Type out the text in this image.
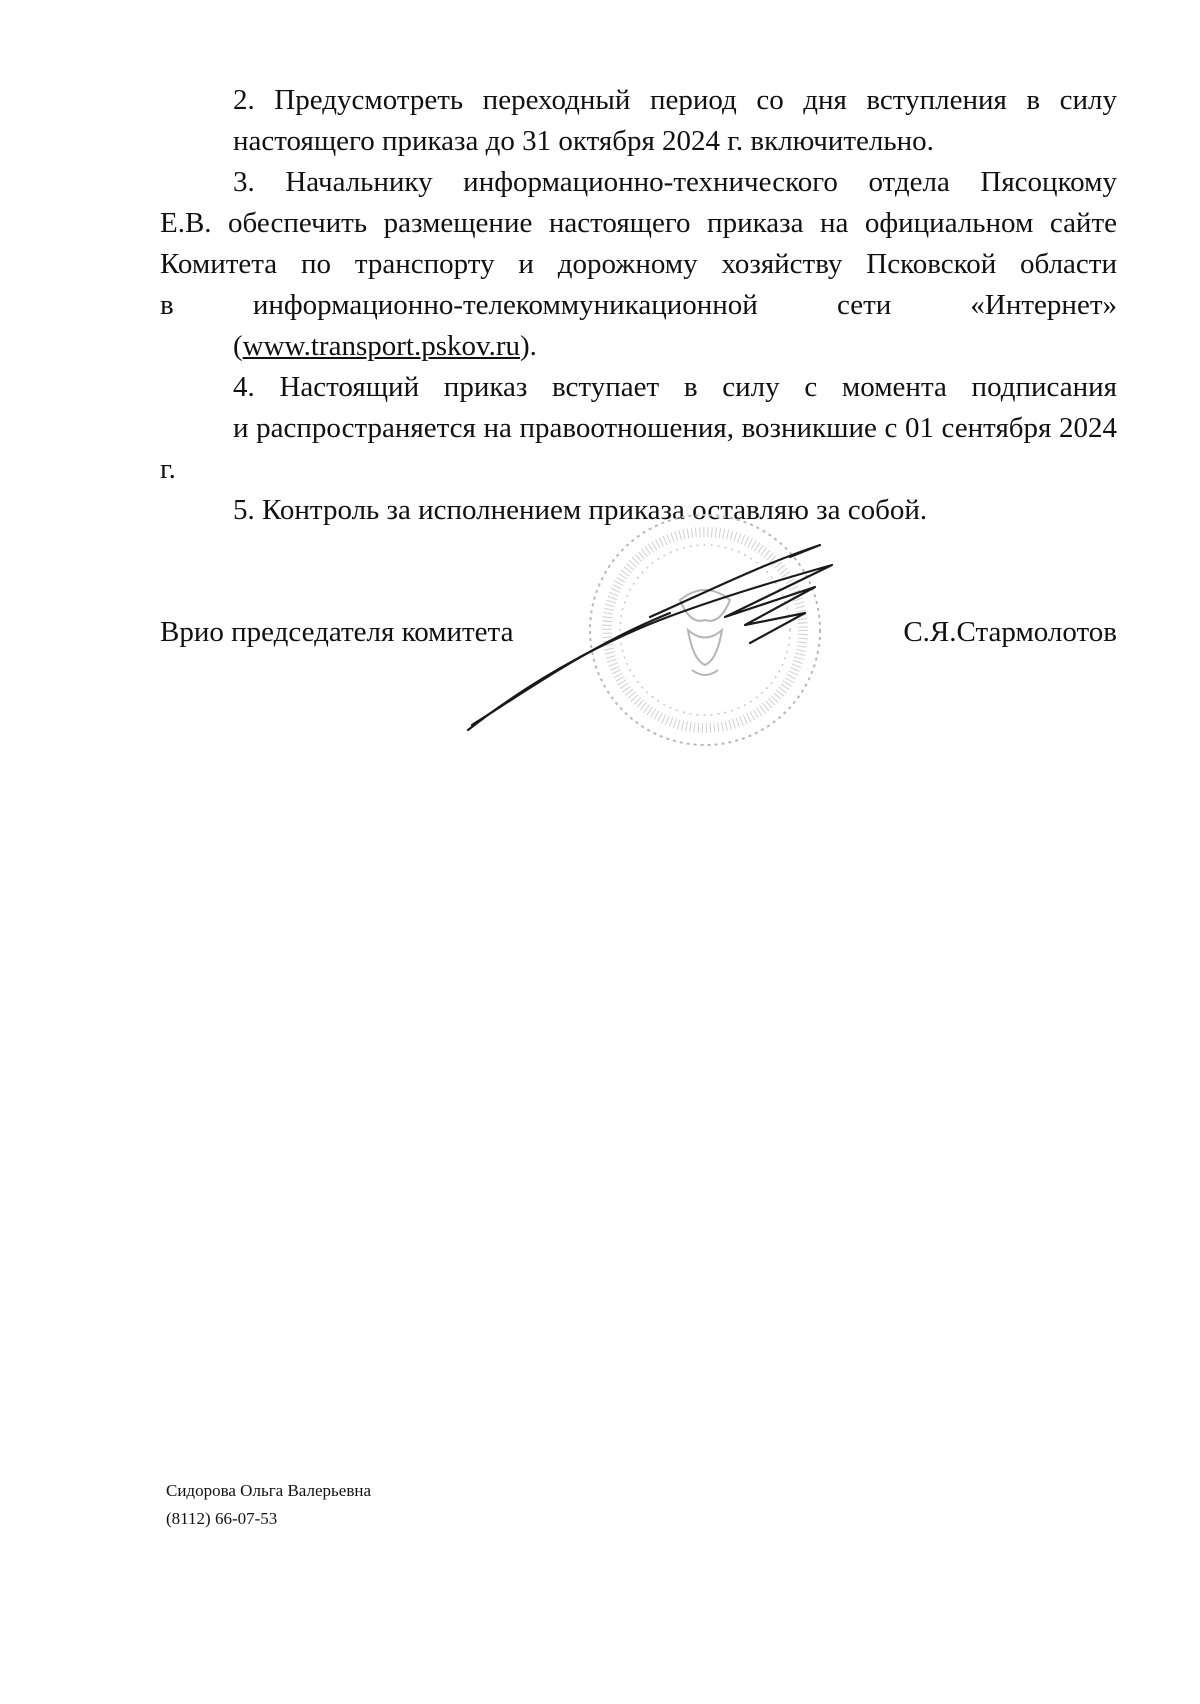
2. Предусмотреть переходный период со дня вступления в силу
настоящего приказа до 31 октября 2024 г. включительно.

3. Начальнику информационно-технического отдела Пясоцкому
Е.В. обеспечить размещение настоящего приказа на официальном сайте
Комитета по транспорту и дорожному хозяйству Псковской области
в информационно-телекоммуникационной сети «Интернет»
(www.transport.pskov.ru).

4. Настоящий приказ вступает в силу с момента подписания
и распространяется на правоотношения, возникшие с 01 сентября 2024 г.

5. Контроль за исполнением приказа оставляю за собой.

Врио председателя комитета	С.Я.Стармолотов
Сидорова Ольга Валерьевна
(8112) 66-07-53
